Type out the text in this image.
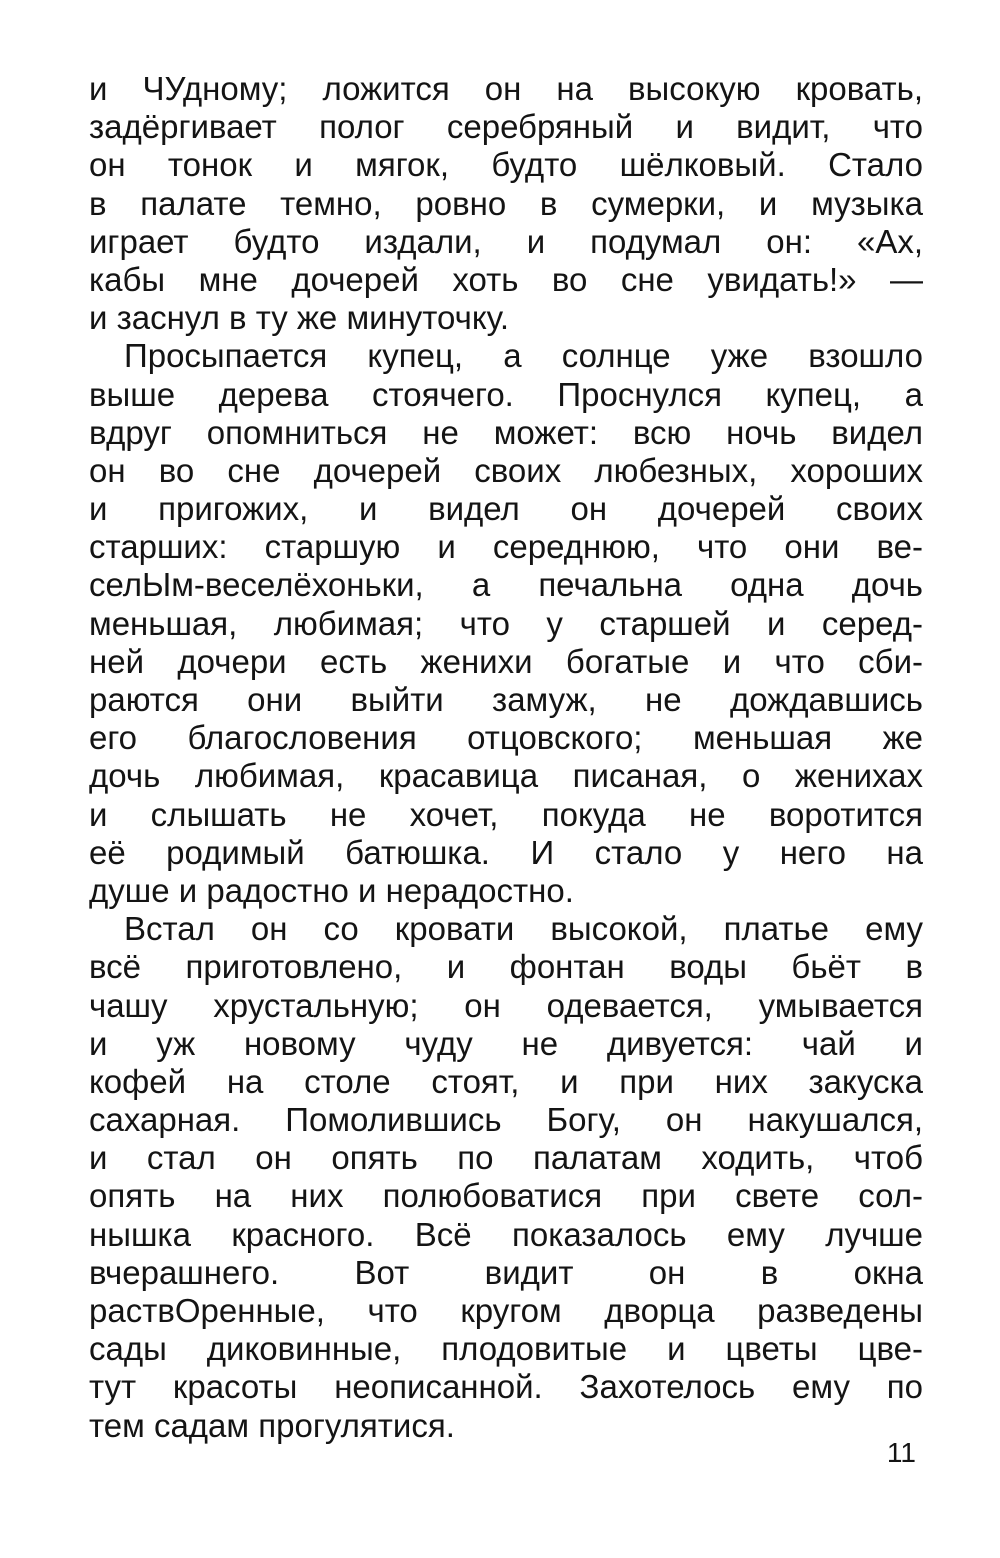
и ЧУдному; ложится он на высокую кровать,
задёргивает полог серебряный и видит, что
он тонок и мягок, будто шёлковый. Стало
в палате темно, ровно в сумерки, и музыка
играет будто издали, и подумал он: «Ах,
кабы мне дочерей хоть во сне увидать!» —
и заснул в ту же минуточку.
Просыпается купец, а солнце уже взошло
выше дерева стоячего. Проснулся купец, а
вдруг опомниться не может: всю ночь видел
он во сне дочерей своих любезных, хороших
и пригожих, и видел он дочерей своих
старших: старшую и середнюю, что они ве-
селЫм-веселёхоньки, а печальна одна дочь
меньшая, любимая; что у старшей и серед-
ней дочери есть женихи богатые и что сби-
раются они выйти замуж, не дождавшись
его благословения отцовского; меньшая же
дочь любимая, красавица писаная, о женихах
и слышать не хочет, покуда не воротится
её родимый батюшка. И стало у него на
душе и радостно и нерадостно.
Встал он со кровати высокой, платье ему
всё приготовлено, и фонтан воды бьёт в
чашу хрустальную; он одевается, умывается
и уж новому чуду не дивуется: чай и
кофей на столе стоят, и при них закуска
сахарная. Помолившись Богу, он накушался,
и стал он опять по палатам ходить, чтоб
опять на них полюбоватися при свете сол-
нышка красного. Всё показалось ему лучше
вчерашнего. Вот видит он в окна
раствОренные, что кругом дворца разведены
сады диковинные, плодовитые и цветы цве-
тут красоты неописанной. Захотелось ему по
тем садам прогулятися.
11
